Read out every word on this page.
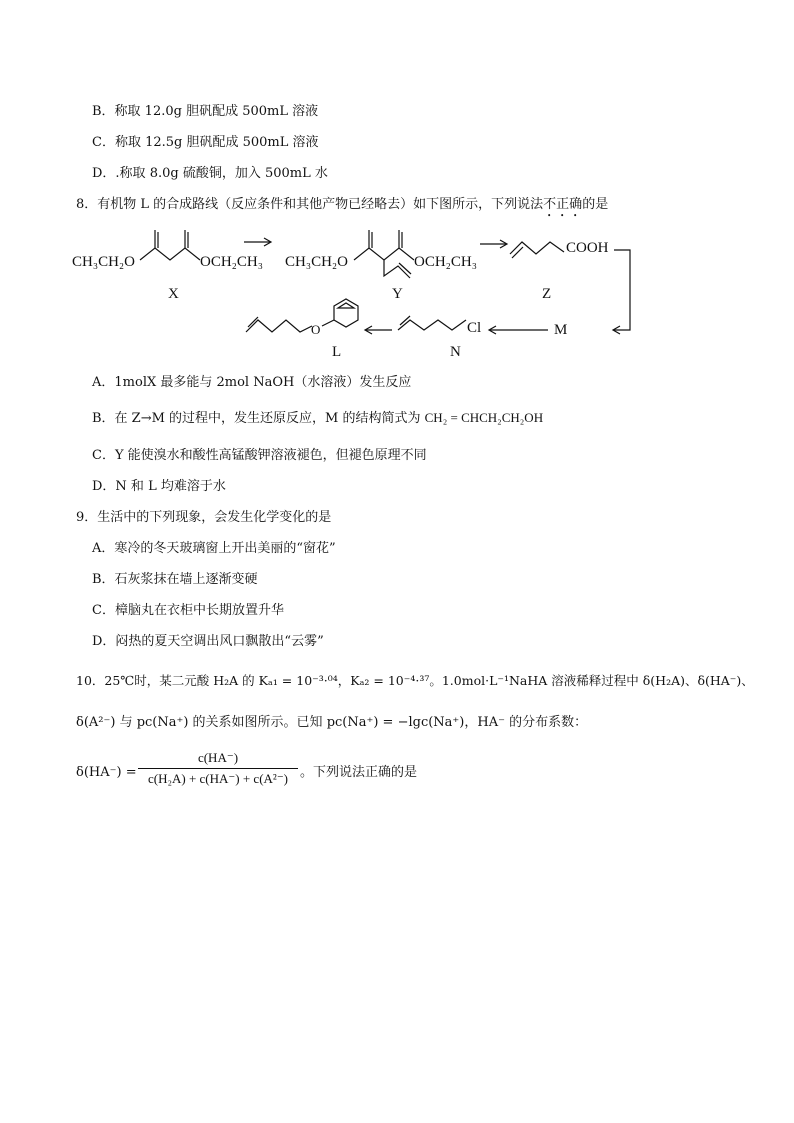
B．称取 12.0g 胆矾配成 500mL 溶液
C．称取 12.5g 胆矾配成 500mL 溶液
D．.称取 8.0g 硫酸铜，加入 500mL 水
8．有机物 L 的合成路线（反应条件和其他产物已经略去）如下图所示，下列说法不正确的是
CH₃CH₂O	OCH₂CH₃
X
CH₃CH₂O	OCH₂CH₃
Y
COOH
Z
M
Cl
N
O
L
A．1molX 最多能与 2mol NaOH（水溶液）发生反应
B．在 Z→M 的过程中，发生还原反应，M 的结构简式为 CH₂ = CHCH₂CH₂OH
C．Y 能使溴水和酸性高锰酸钾溶液褪色，但褪色原理不同
D．N 和 L 均难溶于水
9．生活中的下列现象，会发生化学变化的是
A．寒冷的冬天玻璃窗上开出美丽的“窗花”
B．石灰浆抹在墙上逐渐变硬
C．樟脑丸在衣柜中长期放置升华
D．闷热的夏天空调出风口飘散出“云雾”
10．25℃时，某二元酸 H₂A 的 Kₐ₁ = 10⁻³·⁰⁴，Kₐ₂ = 10⁻⁴·³⁷。1.0mol·L⁻¹NaHA 溶液稀释过程中 δ(H₂A)、δ(HA⁻)、
δ(A²⁻) 与 pc(Na⁺) 的关系如图所示。已知 pc(Na⁺) = −lgc(Na⁺)，HA⁻ 的分布系数：
δ(HA⁻) =
c(HA⁻)
c(H₂A) + c(HA⁻) + c(A²⁻) 。下列说法正确的是
